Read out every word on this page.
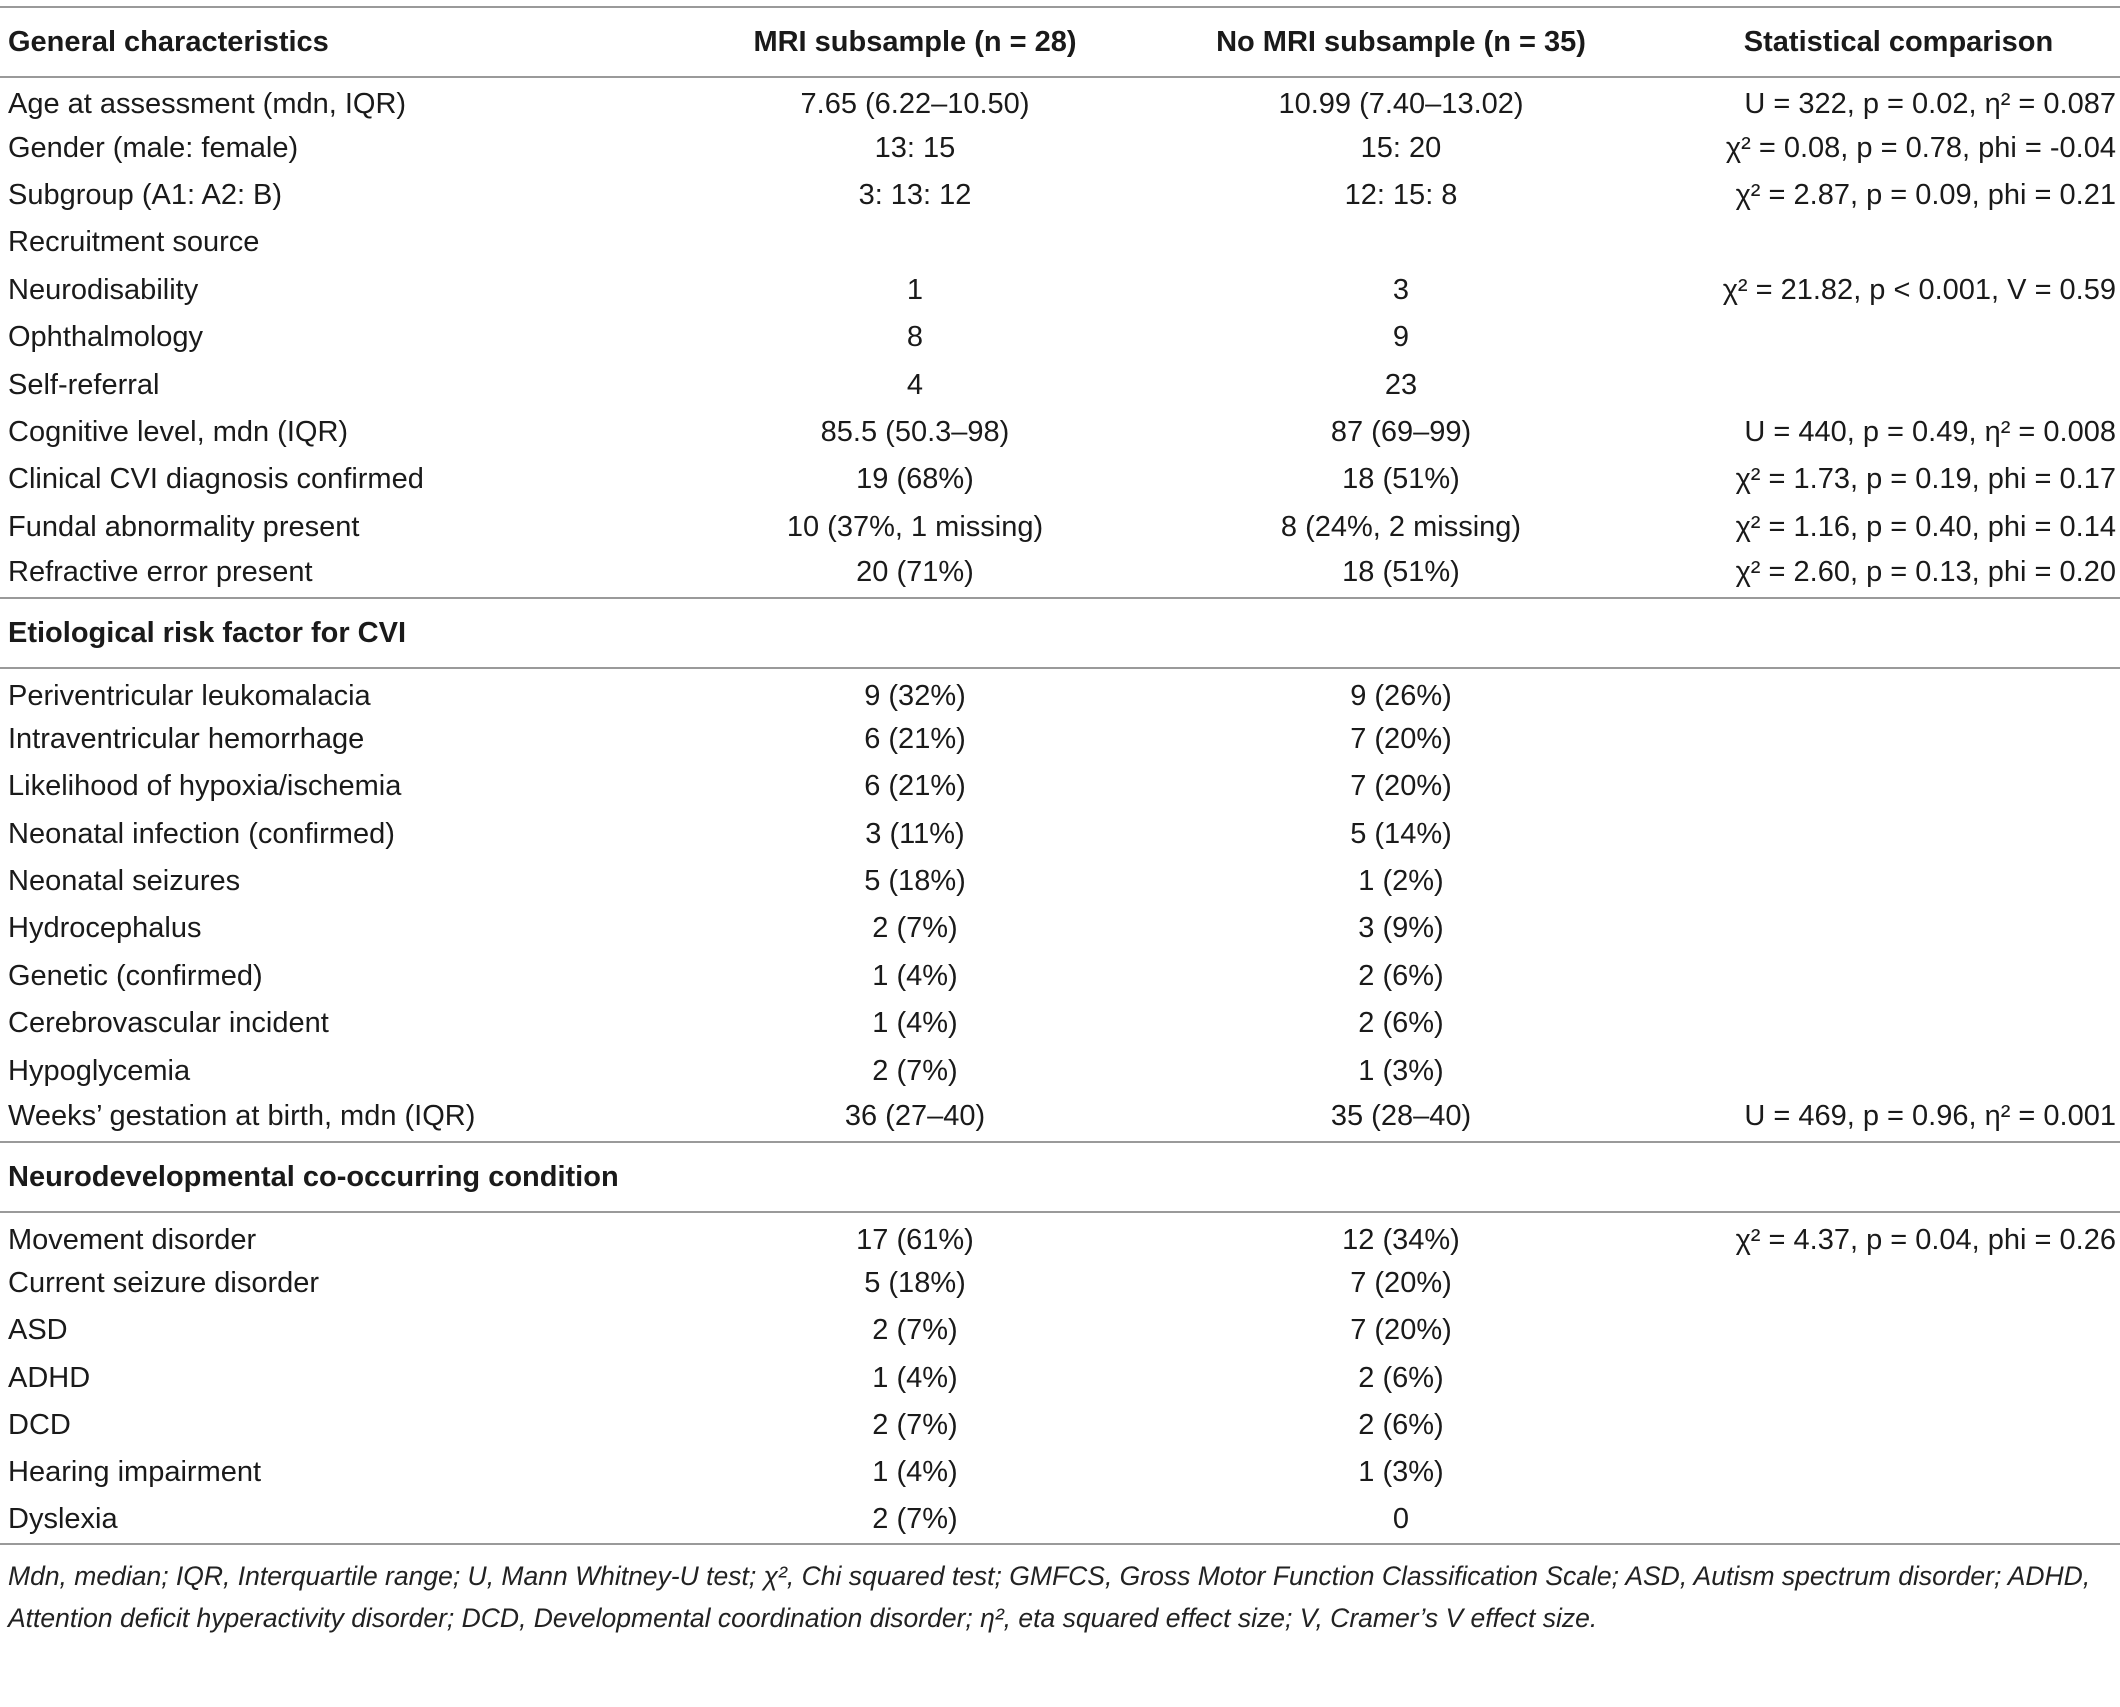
General characteristics	MRI subsample (n = 28)	No MRI subsample (n = 35)	Statistical comparison
Age at assessment (mdn, IQR)	7.65 (6.22–10.50)	10.99 (7.40–13.02)	U = 322, p = 0.02, η² = 0.087
Gender (male: female)	13: 15	15: 20	χ² = 0.08, p = 0.78, phi = -0.04
Subgroup (A1: A2: B)	3: 13: 12	12: 15: 8	χ² = 2.87, p = 0.09, phi = 0.21
Recruitment source			
Neurodisability	1	3	χ² = 21.82, p < 0.001, V = 0.59
Ophthalmology	8	9	
Self-referral	4	23	
Cognitive level, mdn (IQR)	85.5 (50.3–98)	87 (69–99)	U = 440, p = 0.49, η² = 0.008
Clinical CVI diagnosis confirmed	19 (68%)	18 (51%)	χ² = 1.73, p = 0.19, phi = 0.17
Fundal abnormality present	10 (37%, 1 missing)	8 (24%, 2 missing)	χ² = 1.16, p = 0.40, phi = 0.14
Refractive error present	20 (71%)	18 (51%)	χ² = 2.60, p = 0.13, phi = 0.20
Etiological risk factor for CVI			
Periventricular leukomalacia	9 (32%)	9 (26%)	
Intraventricular hemorrhage	6 (21%)	7 (20%)	
Likelihood of hypoxia/ischemia	6 (21%)	7 (20%)	
Neonatal infection (confirmed)	3 (11%)	5 (14%)	
Neonatal seizures	5 (18%)	1 (2%)	
Hydrocephalus	2 (7%)	3 (9%)	
Genetic (confirmed)	1 (4%)	2 (6%)	
Cerebrovascular incident	1 (4%)	2 (6%)	
Hypoglycemia	2 (7%)	1 (3%)	
Weeks’ gestation at birth, mdn (IQR)	36 (27–40)	35 (28–40)	U = 469, p = 0.96, η² = 0.001
Neurodevelopmental co-occurring condition			
Movement disorder	17 (61%)	12 (34%)	χ² = 4.37, p = 0.04, phi = 0.26
Current seizure disorder	5 (18%)	7 (20%)	
ASD	2 (7%)	7 (20%)	
ADHD	1 (4%)	2 (6%)	
DCD	2 (7%)	2 (6%)	
Hearing impairment	1 (4%)	1 (3%)	
Dyslexia	2 (7%)	0	
Mdn, median; IQR, Interquartile range; U, Mann Whitney-U test; χ², Chi squared test; GMFCS, Gross Motor Function Classification Scale; ASD, Autism spectrum disorder; ADHD, Attention deficit hyperactivity disorder; DCD, Developmental coordination disorder; η², eta squared effect size; V, Cramer’s V effect size.			
